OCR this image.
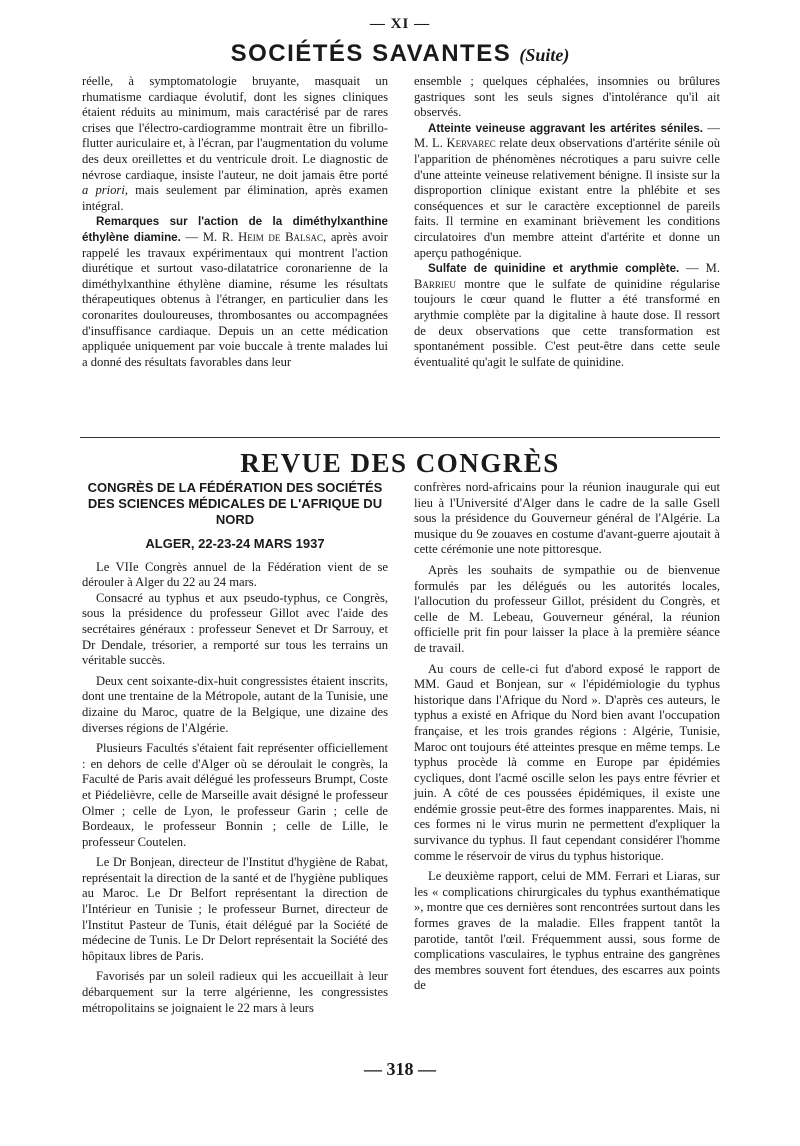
— XI —
SOCIÉTÉS SAVANTES (Suite)

réelle, à symptomatologie bruyante, masquait un rhumatisme cardiaque évolutif, dont les signes cliniques étaient réduits au minimum, mais caractérisé par de rares crises que l'électro-cardiogramme montrait être un fibrillo-flutter auriculaire et, à l'écran, par l'augmentation du volume des deux oreillettes et du ventricule droit. Le diagnostic de névrose cardiaque, insiste l'auteur, ne doit jamais être porté a priori, mais seulement par élimination, après examen intégral.

Remarques sur l'action de la diméthylxanthine éthylène diamine. — M. R. Heim de Balsac, après avoir rappelé les travaux expérimentaux qui montrent l'action diurétique et surtout vaso-dilatatrice coronarienne de la diméthylxanthine éthylène diamine, résume les résultats thérapeutiques obtenus à l'étranger, en particulier dans les coronarites douloureuses, thrombosantes ou accompagnées d'insuffisance cardiaque. Depuis un an cette médication appliquée uniquement par voie buccale à trente malades lui a donné des résultats favorables dans leur

ensemble ; quelques céphalées, insomnies ou brûlures gastriques sont les seuls signes d'intolérance qu'il ait observés.

Atteinte veineuse aggravant les artérites séniles. — M. L. Kervarec relate deux observations d'artérite sénile où l'apparition de phénomènes nécrotiques a paru suivre celle d'une atteinte veineuse relativement bénigne. Il insiste sur la disproportion clinique existant entre la phlébite et ses conséquences et sur le caractère exceptionnel de pareils faits. Il termine en examinant brièvement les conditions circulatoires d'un membre atteint d'artérite et donne un aperçu pathogénique.

Sulfate de quinidine et arythmie complète. — M. Barrieu montre que le sulfate de quinidine régularise toujours le cœur quand le flutter a été transformé en arythmie complète par la digitaline à haute dose. Il ressort de deux observations que cette transformation est spontanément possible. C'est peut-être dans cette seule éventualité qu'agit le sulfate de quinidine.

REVUE DES CONGRÈS
CONGRÈS DE LA FÉDÉRATION DES SOCIÉTÉS DES SCIENCES MÉDICALES DE L'AFRIQUE DU NORD
ALGER, 22-23-24 MARS 1937

Le VIIe Congrès annuel de la Fédération vient de se dérouler à Alger du 22 au 24 mars.

Consacré au typhus et aux pseudo-typhus, ce Congrès, sous la présidence du professeur Gillot avec l'aide des secrétaires généraux : professeur Senevet et Dr Sarrouy, et Dr Dendale, trésorier, a remporté sur tous les terrains un véritable succès.

Deux cent soixante-dix-huit congressistes étaient inscrits, dont une trentaine de la Métropole, autant de la Tunisie, une dizaine du Maroc, quatre de la Belgique, une dizaine des diverses régions de l'Algérie.

Plusieurs Facultés s'étaient fait représenter officiellement : en dehors de celle d'Alger où se déroulait le congrès, la Faculté de Paris avait délégué les professeurs Brumpt, Coste et Piédelièvre, celle de Marseille avait désigné le professeur Olmer ; celle de Lyon, le professeur Garin ; celle de Bordeaux, le professeur Bonnin ; celle de Lille, le professeur Coutelen.

Le Dr Bonjean, directeur de l'Institut d'hygiène de Rabat, représentait la direction de la santé et de l'hygiène publiques au Maroc. Le Dr Belfort représentant la direction de l'Intérieur en Tunisie ; le professeur Burnet, directeur de l'Institut Pasteur de Tunis, était délégué par la Société de médecine de Tunis. Le Dr Delort représentait la Société des hôpitaux libres de Paris.

Favorisés par un soleil radieux qui les accueillait à leur débarquement sur la terre algérienne, les congressistes métropolitains se joignaient le 22 mars à leurs

confrères nord-africains pour la réunion inaugurale qui eut lieu à l'Université d'Alger dans le cadre de la salle Gsell sous la présidence du Gouverneur général de l'Algérie. La musique du 9e zouaves en costume d'avant-guerre ajoutait à cette cérémonie une note pittoresque.

Après les souhaits de sympathie ou de bienvenue formulés par les délégués ou les autorités locales, l'allocution du professeur Gillot, président du Congrès, et celle de M. Lebeau, Gouverneur général, la réunion officielle prit fin pour laisser la place à la première séance de travail.

Au cours de celle-ci fut d'abord exposé le rapport de MM. Gaud et Bonjean, sur « l'épidémiologie du typhus historique dans l'Afrique du Nord ». D'après ces auteurs, le typhus a existé en Afrique du Nord bien avant l'occupation française, et les trois grandes régions : Algérie, Tunisie, Maroc ont toujours été atteintes presque en même temps. Le typhus procède là comme en Europe par épidémies cycliques, dont l'acmé oscille selon les pays entre février et juin. A côté de ces poussées épidémiques, il existe une endémie grossie peut-être des formes inapparentes. Mais, ni ces formes ni le virus murin ne permettent d'expliquer la survivance du typhus. Il faut cependant considérer l'homme comme le réservoir de virus du typhus historique.

Le deuxième rapport, celui de MM. Ferrari et Liaras, sur les « complications chirurgicales du typhus exanthématique », montre que ces dernières sont rencontrées surtout dans les formes graves de la maladie. Elles frappent tantôt la parotide, tantôt l'œil. Fréquemment aussi, sous forme de complications vasculaires, le typhus entraine des gangrènes des membres souvent fort étendues, des escarres aux points de

— 318 —
